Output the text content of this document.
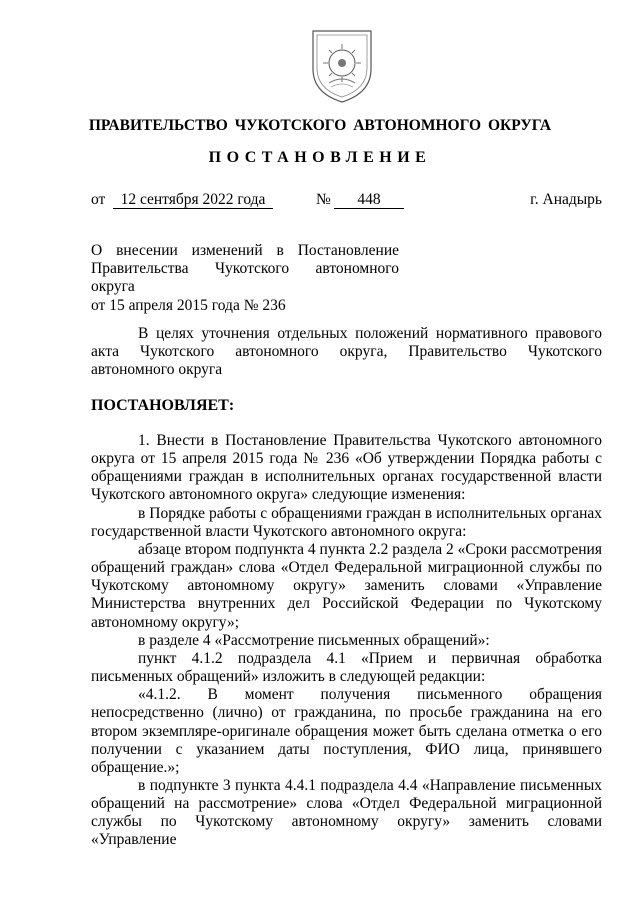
ПРАВИТЕЛЬСТВО ЧУКОТСКОГО АВТОНОМНОГО ОКРУГА
ПОСТАНОВЛЕНИЕ
от 12 сентября 2022 года	№	448	г. Анадырь
О внесении изменений в Постановление
Правительства Чукотского автономного округа
от 15 апреля 2015 года № 236

В целях уточнения отдельных положений нормативного правового акта Чукотского автономного округа, Правительство Чукотского автономного округа

ПОСТАНОВЛЯЕТ:

1. Внести в Постановление Правительства Чукотского автономного округа от 15 апреля 2015 года № 236 «Об утверждении Порядка работы с обращениями граждан в исполнительных органах государственной власти Чукотского автономного округа» следующие изменения:

в Порядке работы с обращениями граждан в исполнительных органах государственной власти Чукотского автономного округа:

абзаце втором подпункта 4 пункта 2.2 раздела 2 «Сроки рассмотрения обращений граждан» слова «Отдел Федеральной миграционной службы по Чукотскому автономному округу» заменить словами «Управление Министерства внутренних дел Российской Федерации по Чукотскому автономному округу»;

в разделе 4 «Рассмотрение письменных обращений»:

пункт 4.1.2 подраздела 4.1 «Прием и первичная обработка письменных обращений» изложить в следующей редакции:

«4.1.2. В момент получения письменного обращения непосредственно (лично) от гражданина, по просьбе гражданина на его втором экземпляре-оригинале обращения может быть сделана отметка о его получении с указанием даты поступления, ФИО лица, принявшего обращение.»;

в подпункте 3 пункта 4.4.1 подраздела 4.4 «Направление письменных обращений на рассмотрение» слова «Отдел Федеральной миграционной службы по Чукотскому автономному округу» заменить словами «Управление
